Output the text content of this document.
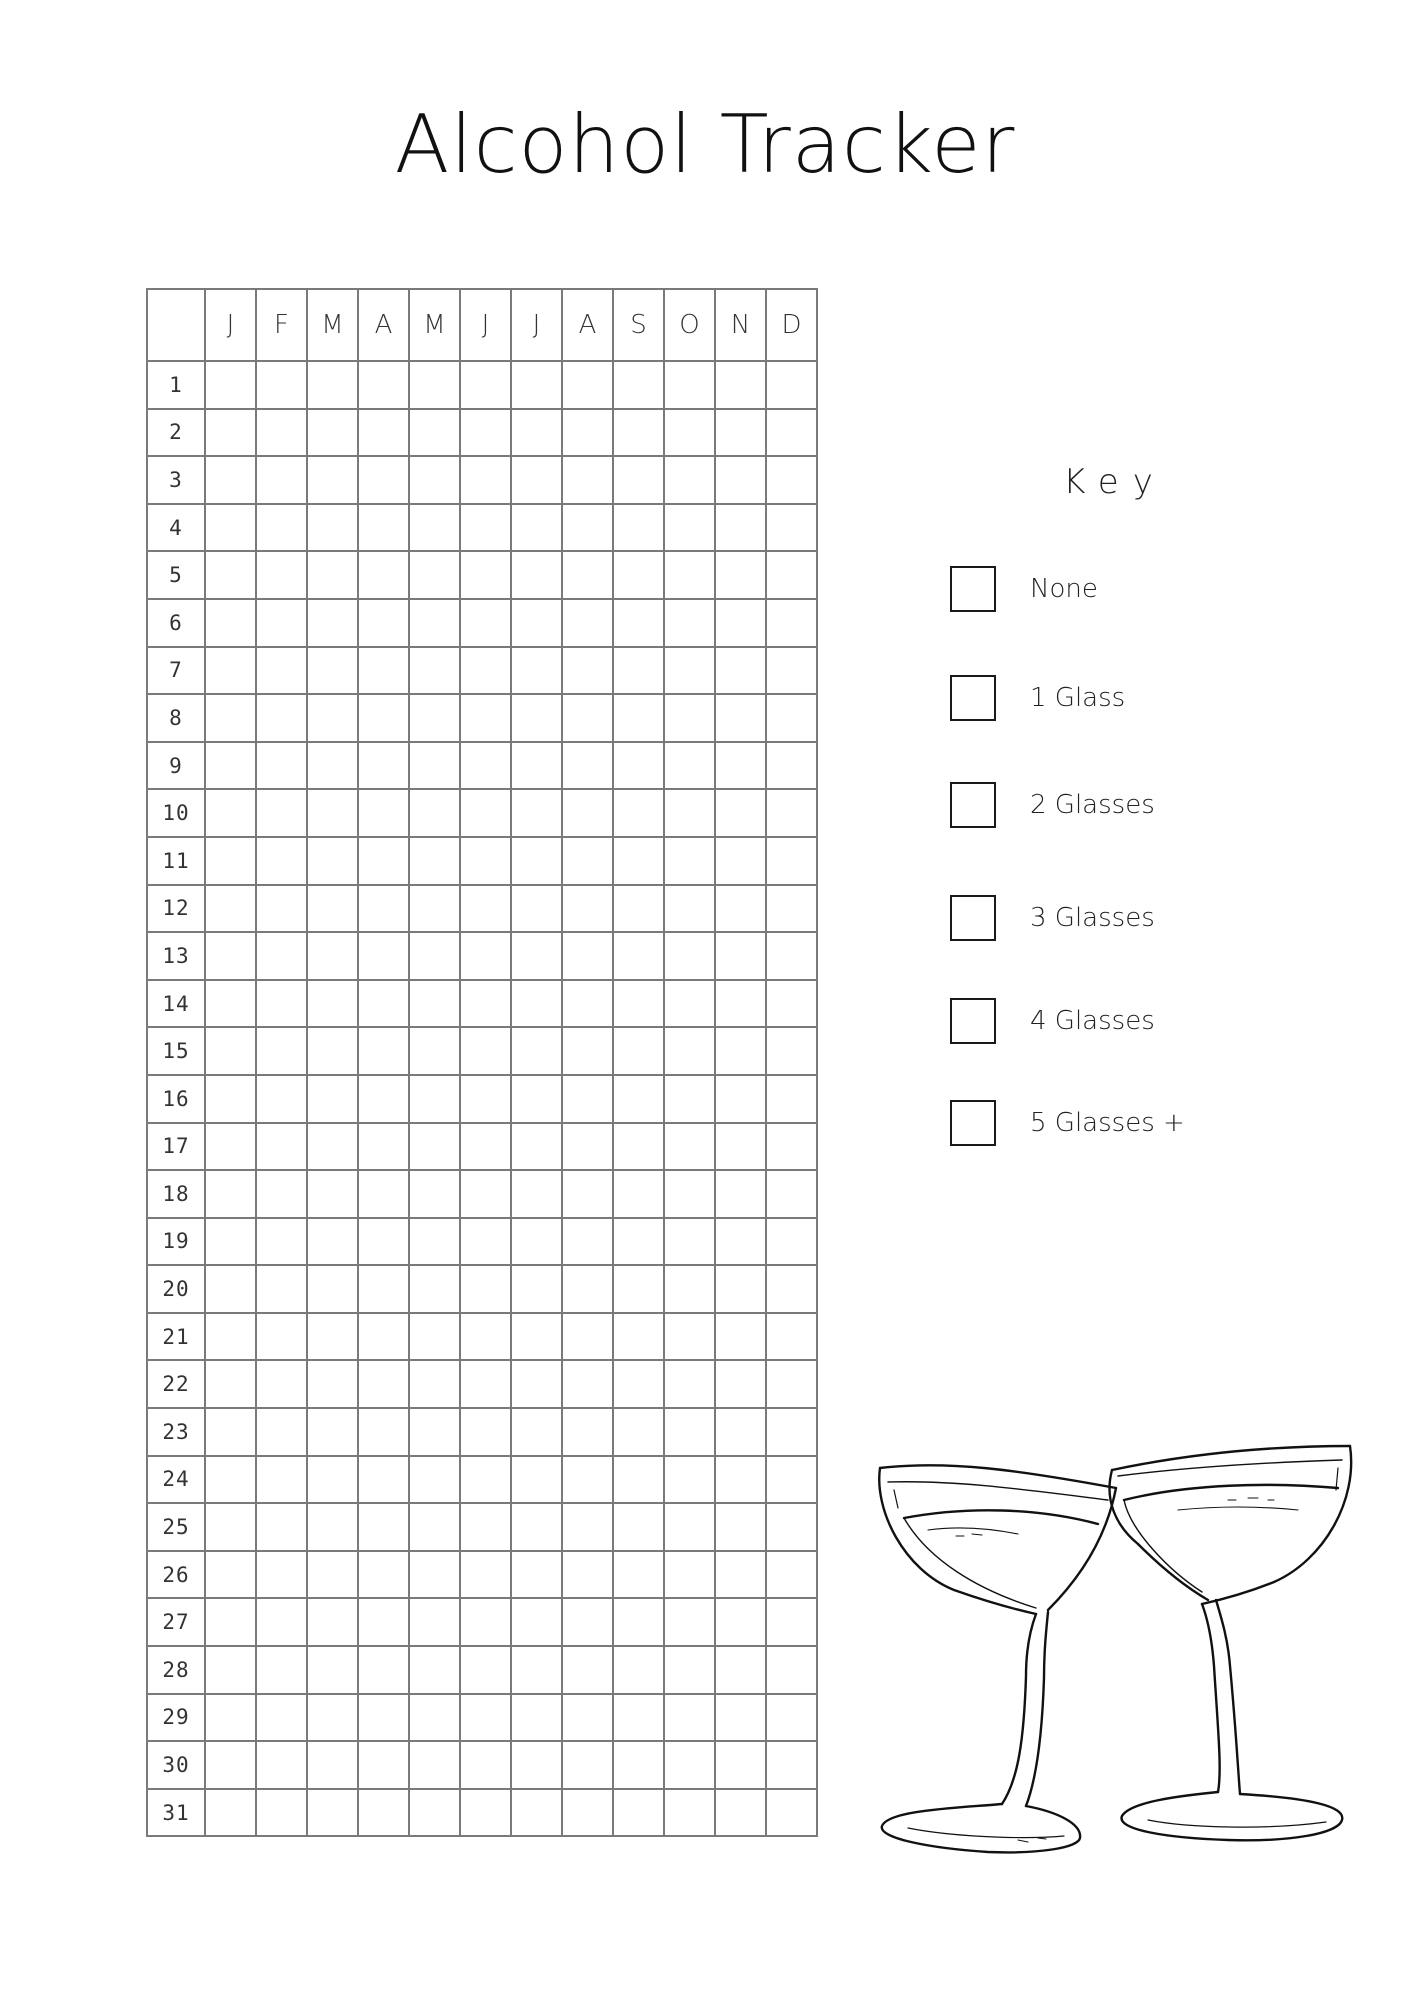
Alcohol Tracker
	J	F	M	A	M	J	J	A	S	O	N	D
1												
2												
3												
4												
5												
6												
7												
8												
9												
10												
11												
12												
13												
14												
15												
16												
17												
18												
19												
20												
21												
22												
23												
24												
25												
26												
27												
28												
29												
30												
31												
Key
None
1 Glass
2 Glasses
3 Glasses
4 Glasses
5 Glasses +
